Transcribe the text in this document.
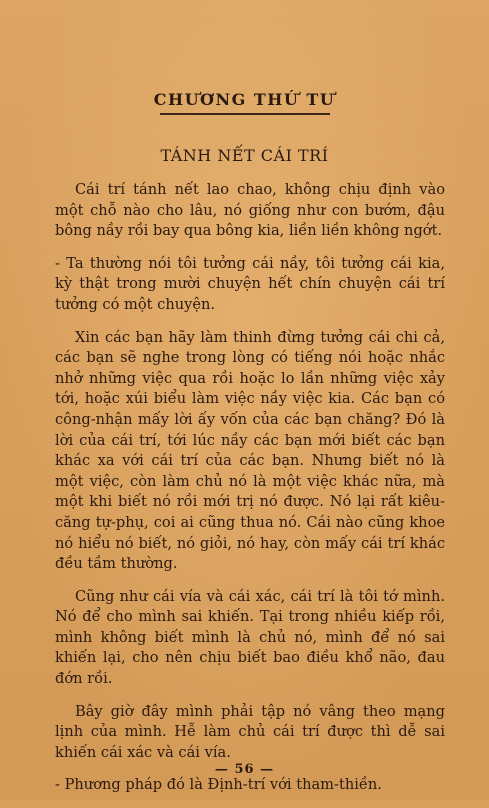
CHƯƠNG THỨ TƯ
TÁNH NẾT CÁI TRÍ

Cái trí tánh nết lao chao, không chịu định vào một chỗ nào cho lâu, nó giống như con bướm, đậu bông nầy rồi bay qua bông kia, liền liền không ngớt.

- Ta thường nói tôi tưởng cái nầy, tôi tưởng cái kia, kỳ thật trong mười chuyện hết chín chuyện cái trí tưởng có một chuyện.

Xin các bạn hãy làm thinh đừng tưởng cái chi cả, các bạn sẽ nghe trong lòng có tiếng nói hoặc nhắc nhở những việc qua rồi hoặc lo lần những việc xảy tới, hoặc xúi biểu làm việc nầy việc kia. Các bạn có công-nhận mấy lời ấy vốn của các bạn chăng? Đó là lời của cái trí, tới lúc nầy các bạn mới biết các bạn khác xa với cái trí của các bạn. Nhưng biết nó là một việc, còn làm chủ nó là một việc khác nữa, mà một khi biết nó rồi mới trị nó được. Nó lại rất kiêu-căng tự-phụ, coi ai cũng thua nó. Cái nào cũng khoe nó hiểu nó biết, nó giỏi, nó hay, còn mấy cái trí khác đều tầm thường.

Cũng như cái vía và cái xác, cái trí là tôi tớ mình. Nó để cho mình sai khiến. Tại trong nhiều kiếp rồi, mình không biết mình là chủ nó, mình để nó sai khiến lại, cho nên chịu biết bao điều khổ não, đau đớn rồi.

Bây giờ đây mình phải tập nó vâng theo mạng lịnh của mình. Hễ làm chủ cái trí được thì dễ sai khiến cái xác và cái vía.

- Phương pháp đó là Định-trí với tham-thiền.

— 56 —
